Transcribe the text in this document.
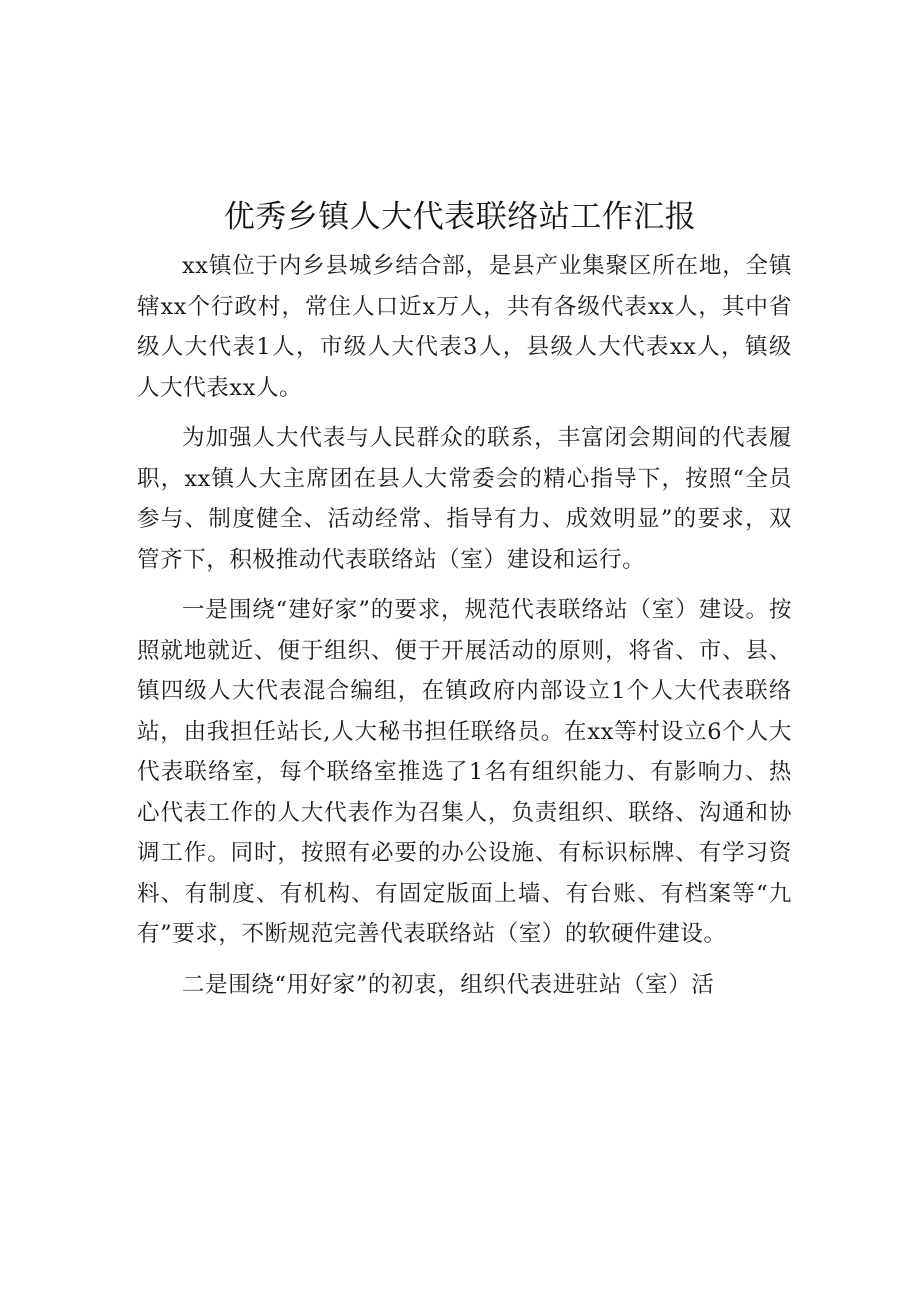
优秀乡镇人大代表联络站工作汇报

xx镇位于内乡县城乡结合部，是县产业集聚区所在地，全镇辖xx个行政村，常住人口近x万人，共有各级代表xx人，其中省级人大代表1人，市级人大代表3人，县级人大代表xx人，镇级人大代表xx人。

为加强人大代表与人民群众的联系，丰富闭会期间的代表履职，xx镇人大主席团在县人大常委会的精心指导下，按照“全员参与、制度健全、活动经常、指导有力、成效明显”的要求，双管齐下，积极推动代表联络站（室）建设和运行。

一是围绕“建好家”的要求，规范代表联络站（室）建设。按照就地就近、便于组织、便于开展活动的原则，将省、市、县、镇四级人大代表混合编组，在镇政府内部设立1个人大代表联络站，由我担任站长,人大秘书担任联络员。在xx等村设立6个人大代表联络室，每个联络室推选了1名有组织能力、有影响力、热心代表工作的人大代表作为召集人，负责组织、联络、沟通和协调工作。同时，按照有必要的办公设施、有标识标牌、有学习资料、有制度、有机构、有固定版面上墙、有台账、有档案等“九有”要求，不断规范完善代表联络站（室）的软硬件建设。

二是围绕“用好家”的初衷，组织代表进驻站（室）活
